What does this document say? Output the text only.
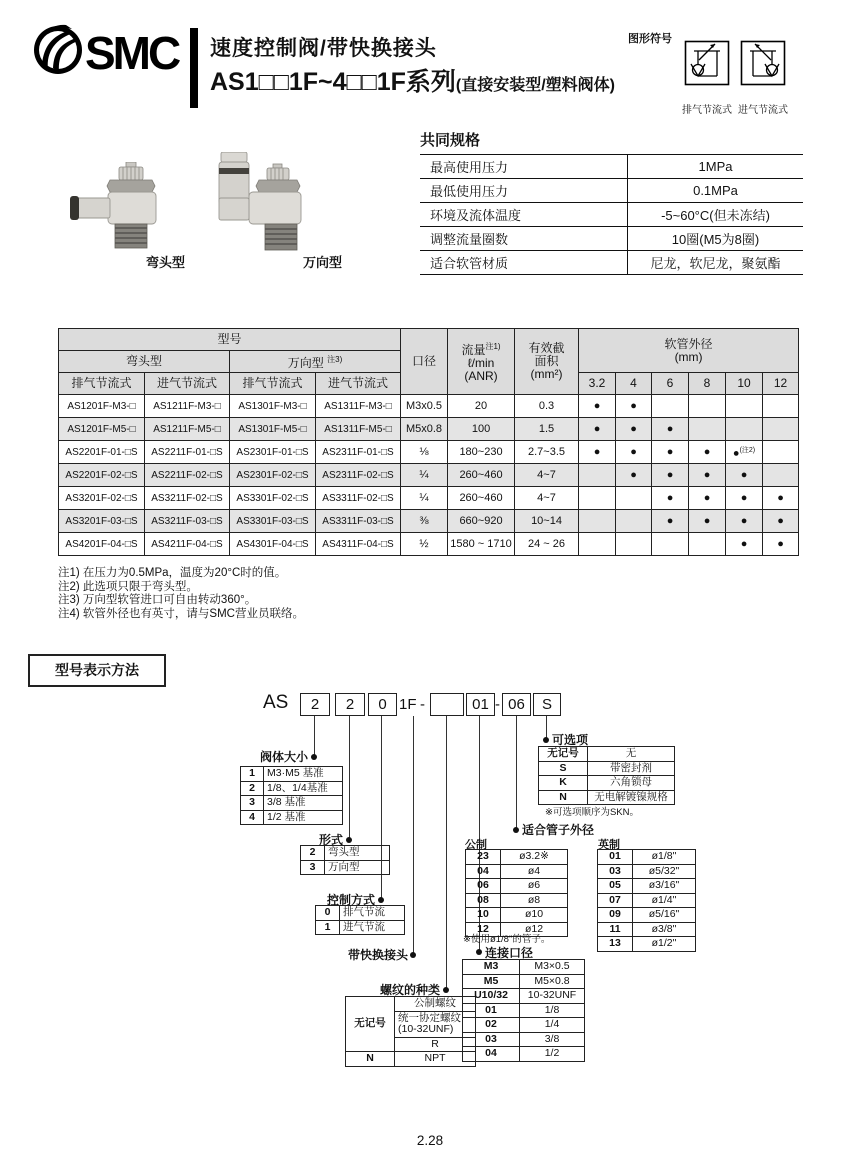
SMC 速度控制阀/带快换接头
AS1□□1F~4□□1F系列(直接安装型/塑料阀体)
图形符号
排气节流式 进气节流式
弯头型	万向型
共同规格
最高使用压力	1MPa
最低使用压力	0.1MPa
环境及流体温度	-5~60°C(但未冻结)
调整流量圈数	10圈(M5为8圈)
适合软管材质	尼龙，软尼龙，聚氨酯
型号	口径	
流量$^{注1)}$
ℓ/min
(ANR)

有效截
面积
(mm²)

软管外径
(mm)

弯头型		万向型 $^{注3)}$
排气节流式	进气节流式	排气节流式	进气节流式				3.2	4	6	8	10	12
AS1201F-M3-□	AS1211F-M3-□	AS1301F-M3-□	AS1311F-M3-□	M3x0.5	20	0.3	●	●				
AS1201F-M5-□	AS1211F-M5-□	AS1301F-M5-□	AS1311F-M5-□	M5x0.8	100	1.5	●	●	●			
AS2201F-01-□S	AS2211F-01-□S	AS2301F-01-□S	AS2311F-01-□S	⅛	180~230	2.7~3.5	●	●	●	●	●$^{(注2)}$	
AS2201F-02-□S	AS2211F-02-□S	AS2301F-02-□S	AS2311F-02-□S	¼	260~460	4~7		●	●	●	●	
AS3201F-02-□S	AS3211F-02-□S	AS3301F-02-□S	AS3311F-02-□S	¼	260~460	4~7			●	●	●	●
AS3201F-03-□S	AS3211F-03-□S	AS3301F-03-□S	AS3311F-03-□S	⅜	660~920	10~14			●	●	●	●
AS4201F-04-□S	AS4211F-04-□S	AS4301F-04-□S	AS4311F-04-□S	½	1580 ~ 1710	24 ~ 26					●	●
注1) 在压力为0.5MPa，温度为20°C时的值。
注2) 此选项只限于弯头型。
注3) 万向型软管进口可自由转动360°。
注4) 软管外径也有英寸，请与SMC营业员联络。
型号表示方法
AS	2	2	0 1F -	01 - 06	S
阀体大小
1	M3·M5 基准
2	1/8、1/4基准
3	3/8 基准
4	1/2 基准
形式
2	弯头型
3	万向型
控制方式
0	排气节流
1	进气节流
带快换接头
螺纹的种类
无记号	公制螺纹
	统一协定螺纹 (10-32UNF)
	R
N	NPT
可选项
无记号	无
S	带密封剂
K	六角锁母
N	无电解镀镍规格
※可选项顺序为SKN。
适合管子外径
公制
23	ø3.2※
04	ø4
06	ø6
08	ø8
10	ø10
12	ø12
※使用ø1/8"的管子。
英制
01	ø1/8"
03	ø5/32"
05	ø3/16"
07	ø1/4"
09	ø5/16"
11	ø3/8"
13	ø1/2"
连接口径
M3	M3×0.5
M5	M5×0.8
U10/32	10-32UNF
01	1/8
02	1/4
03	3/8
04	1/2
2.28
